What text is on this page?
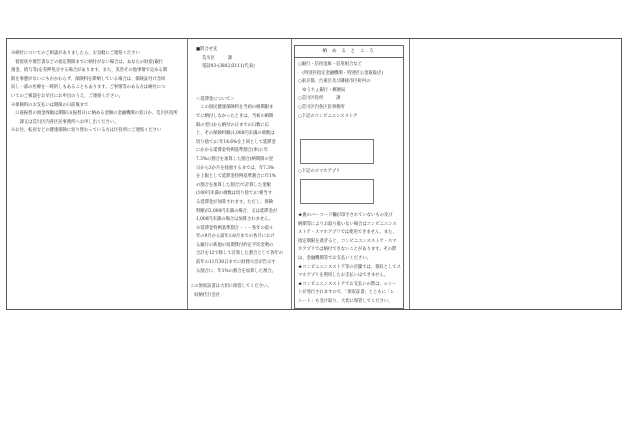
※納付についてのご相談がありましたら、お気軽にご連絡ください

　督促状や催告書などの指定期限までに納付がない場合は、あなたの財産(銀行

預金、給与等)を差押処分する場合があります。また、災害その他事情で定める期

限を事態がないにもかかわらず、保険料を滞納している場合は、保険証付け含回

収し一部の医療を一時的しもあることもあります。ご事情等のある方は納付につ

いてのご相談をお早目にお申出のうえ、ご連絡ください。

※保険料のお支払いは期限の日前後まで

　口座振替の預金残額は期限日(振替日)に納める金額の金融機関の窓口か、荒川区役所

　　課又は荒川区内各区民事務所へお申し出ください。

※お住、転居などの健康保険に切り替わっている方は区役所にご連絡ください

■問合せ先

荒川区　　　課

電話03-(3802)3111(代表)

＜延滞金について＞

　この国民健康保険料を当初の納期限ま

でに納付しなかったときは、当初の納期

限の翌日から納付の日までの日数に応

じ、その保険料額(1,000円未満の端数は

切り捨て)に年14.6%を上回として延滞金

にかかる延滞金特例基準割合(率)に年

7.3%の割合を加算した割合(納期限の翌

日から3か月を経過するまでは、年7.3%

を上限として延滞金特例基準割合に年1%

の割合を加算した割合)で計算した金額

(100円未満の端数は切り捨て)に相当す

る延滞金が加算されます。ただし、保険

料額が2,000円未満の場合、又は延滞金が

1,000円未満の場合は加算されません。

※延滞金特例基準割合・・・各年の前々

年の9月から前年の8月までの各月におけ

る銀行の新規の短期貸付約定平均金利の

合計を12で除して計算した割合として各年の

前年の11月30日までに財務大臣が告示す

る割合に、年1%の割合を加算した割合。

この領収証書は大切に保管してください。

　収納代行会社

納 め る と こ ろ

○銀行・信用金庫・信用組合など

　(特別区指定金融機関・特別区公金取扱店)

○東京都、台東区及び隣接市区町村の

　ゆうちょ銀行・郵便局

○荒川区役所　　　課

○荒川区内各区民事務所

○下記のコンビニエンスストア

○下記のスマホアプリ

★裏のバーコード欄が印字されていないもの及び

納期等によりお取り扱いない場合はコンビニエンス

ストア・スマホアプリでは使用できません。また、

指定期限を過ぎると、コンビニエンスストア・スマ

ホアプリでは納付できないことがあります。その際

は、金融機関等でお支払いください。

★コンビニエンスストア等の店舗では、領収としてス

マホアプリを利用したお支払いはできません。

★コンビニエンスストアでお支払いの際は、レシー

トが発行されますので、「領収証書」とともに「レ

シート」も受け取り、大切に保管してください。
